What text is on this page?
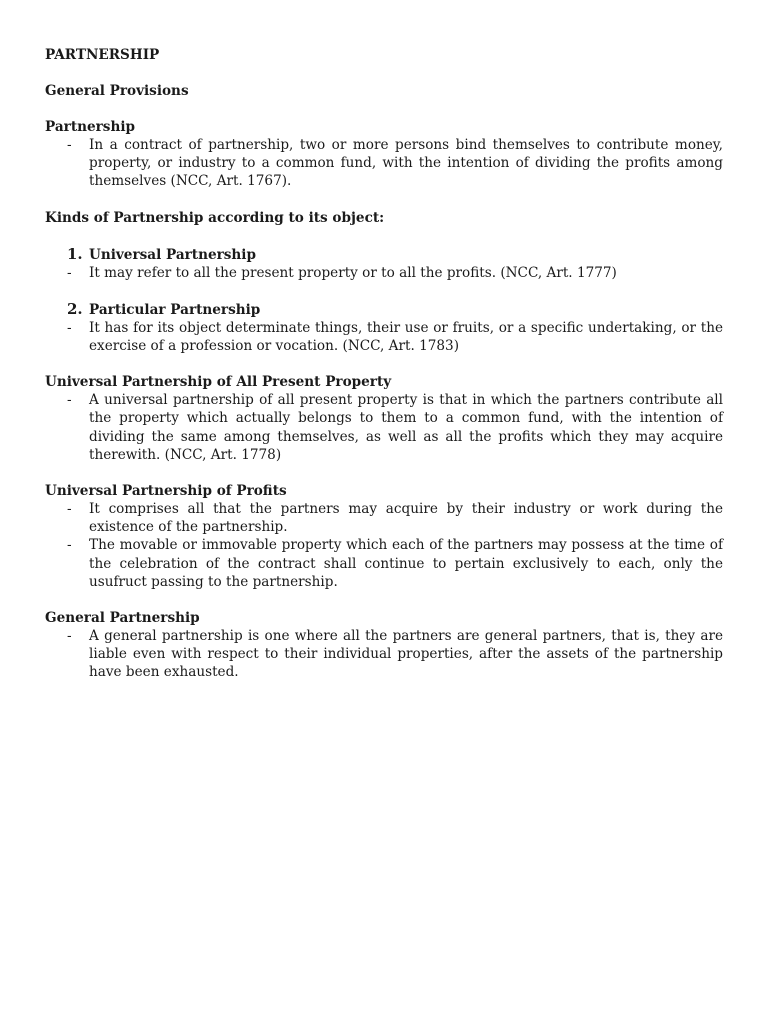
PARTNERSHIP
General Provisions
Partnership
- In a contract of partnership, two or more persons bind themselves to contribute money, property, or industry to a common fund, with the intention of dividing the profits among themselves (NCC, Art. 1767).
Kinds of Partnership according to its object:
1. Universal Partnership
- It may refer to all the present property or to all the profits. (NCC, Art. 1777)
2. Particular Partnership
- It has for its object determinate things, their use or fruits, or a specific undertaking, or the exercise of a profession or vocation. (NCC, Art. 1783)
Universal Partnership of All Present Property
- A universal partnership of all present property is that in which the partners contribute all the property which actually belongs to them to a common fund, with the intention of dividing the same among themselves, as well as all the profits which they may acquire therewith. (NCC, Art. 1778)
Universal Partnership of Profits
- It comprises all that the partners may acquire by their industry or work during the existence of the partnership.
- The movable or immovable property which each of the partners may possess at the time of the celebration of the contract shall continue to pertain exclusively to each, only the usufruct passing to the partnership.
General Partnership
- A general partnership is one where all the partners are general partners, that is, they are liable even with respect to their individual properties, after the assets of the partnership have been exhausted.
